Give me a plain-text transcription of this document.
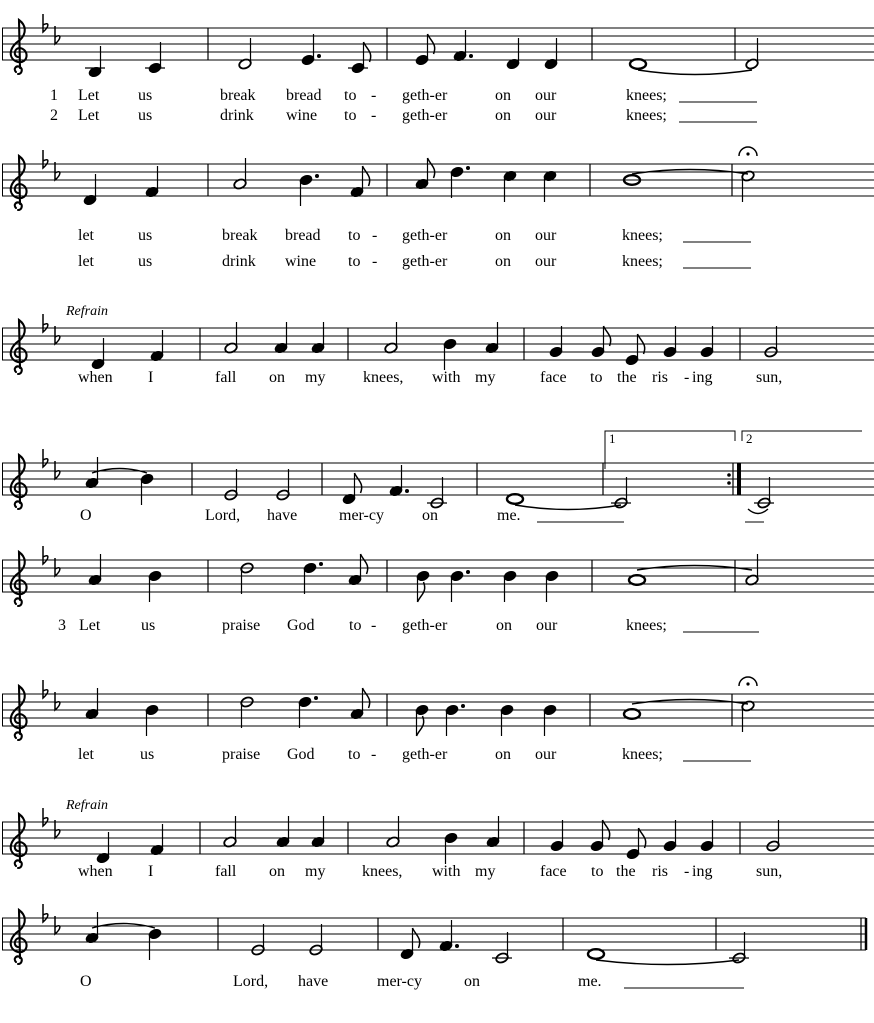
1 Let us	break bread to - geth-er	on our	knees;
2 Let us	drink wine to - geth-er	on our	knees;
let	us	break bread to - geth-er	on our	knees;
let	us	drink wine to - geth-er	on our	knees;
Refrain
when I	fall on my knees, with my	face to the ris - ing	sun,
1	2
O	Lord, have	mer-cy on	me.
3 Let	us	praise God to - geth-er	on our	knees;
let	us	praise God to - geth-er	on our	knees;
Refrain
when I	fall on my knees, with my	face to the ris - ing	sun,
O	Lord, have	mer-cy	on	me.
